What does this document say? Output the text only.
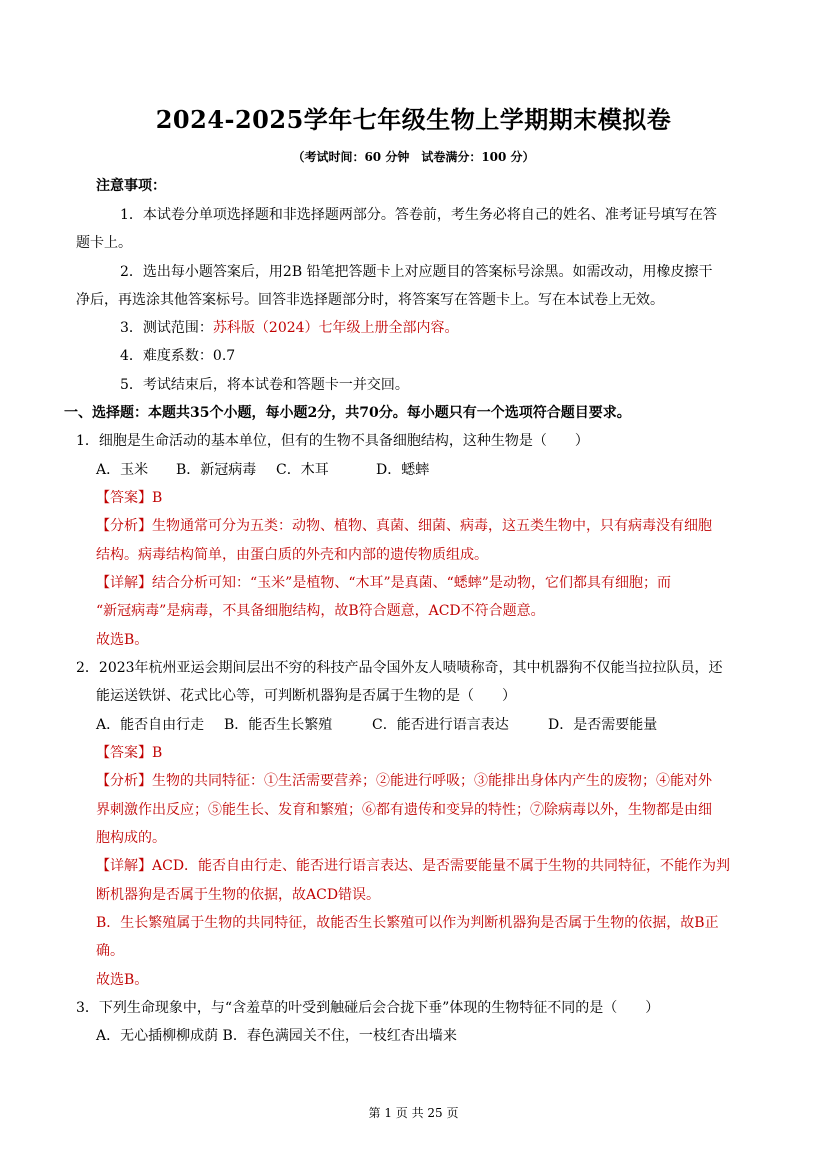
2024-2025学年七年级生物上学期期末模拟卷
（考试时间：60 分钟　试卷满分：100 分）
注意事项：
1．本试卷分单项选择题和非选择题两部分。答卷前，考生务必将自己的姓名、准考证号填写在答
题卡上。
2．选出每小题答案后，用2B 铅笔把答题卡上对应题目的答案标号涂黑。如需改动，用橡皮擦干
净后，再选涂其他答案标号。回答非选择题部分时，将答案写在答题卡上。写在本试卷上无效。
3．测试范围：苏科版（2024）七年级上册全部内容。
4．难度系数：0.7
5．考试结束后，将本试卷和答题卡一并交回。
一、选择题：本题共35个小题，每小题2分，共70分。每小题只有一个选项符合题目要求。
1．细胞是生命活动的基本单位，但有的生物不具备细胞结构，这种生物是（　　）
A．玉米 B．新冠病毒 C．木耳	D．蟋蟀
【答案】B
【分析】生物通常可分为五类：动物、植物、真菌、细菌、病毒，这五类生物中，只有病毒没有细胞
结构。病毒结构简单，由蛋白质的外壳和内部的遗传物质组成。
【详解】结合分析可知：“玉米”是植物、“木耳”是真菌、“蟋蟀”是动物，它们都具有细胞；而
“新冠病毒”是病毒，不具备细胞结构，故B符合题意，ACD不符合题意。
故选B。
2．2023年杭州亚运会期间层出不穷的科技产品令国外友人啧啧称奇，其中机器狗不仅能当拉拉队员，还
能运送铁饼、花式比心等，可判断机器狗是否属于生物的是（　　）
A．能否自由行走 B．能否生长繁殖	C．能否进行语言表达	D．是否需要能量
【答案】B
【分析】生物的共同特征：①生活需要营养；②能进行呼吸；③能排出身体内产生的废物；④能对外
界刺激作出反应；⑤能生长、发育和繁殖；⑥都有遗传和变异的特性；⑦除病毒以外，生物都是由细
胞构成的。
【详解】ACD．能否自由行走、能否进行语言表达、是否需要能量不属于生物的共同特征，不能作为判
断机器狗是否属于生物的依据，故ACD错误。
B．生长繁殖属于生物的共同特征，故能否生长繁殖可以作为判断机器狗是否属于生物的依据，故B正
确。
故选B。
3．下列生命现象中，与“含羞草的叶受到触碰后会合拢下垂”体现的生物特征不同的是（　　）
A．无心插柳柳成荫 B．春色满园关不住，一枝红杏出墙来
第 1 页 共 25 页
